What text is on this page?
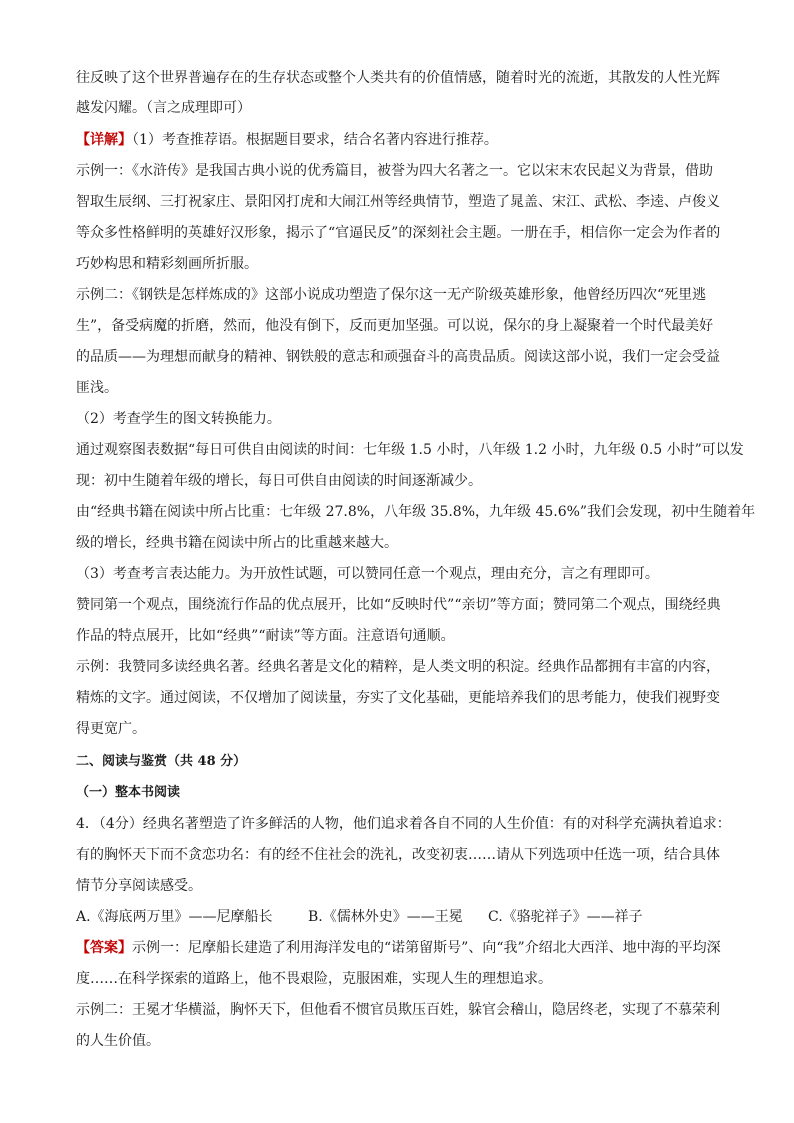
往反映了这个世界普遍存在的生存状态或整个人类共有的价值情感，随着时光的流逝，其散发的人性光辉
越发闪耀。（言之成理即可）
【详解】（1）考查推荐语。根据题目要求，结合名著内容进行推荐。
示例一：《水浒传》是我国古典小说的优秀篇目，被誉为四大名著之一。它以宋末农民起义为背景，借助
智取生辰纲、三打祝家庄、景阳冈打虎和大闹江州等经典情节，塑造了晁盖、宋江、武松、李逵、卢俊义
等众多性格鲜明的英雄好汉形象，揭示了“官逼民反”的深刻社会主题。一册在手，相信你一定会为作者的
巧妙构思和精彩刻画所折服。
示例二：《钢铁是怎样炼成的》这部小说成功塑造了保尔这一无产阶级英雄形象，他曾经历四次“死里逃
生”，备受病魔的折磨，然而，他没有倒下，反而更加坚强。可以说，保尔的身上凝聚着一个时代最美好
的品质——为理想而献身的精神、钢铁般的意志和顽强奋斗的高贵品质。阅读这部小说，我们一定会受益
匪浅。
（2）考查学生的图文转换能力。
通过观察图表数据“每日可供自由阅读的时间：七年级 1.5 小时，八年级 1.2 小时，九年级 0.5 小时”可以发
现：初中生随着年级的增长，每日可供自由阅读的时间逐渐减少。
由“经典书籍在阅读中所占比重：七年级 27.8%，八年级 35.8%，九年级 45.6%”我们会发现，初中生随着年
级的增长，经典书籍在阅读中所占的比重越来越大。
（3）考查考言表达能力。为开放性试题，可以赞同任意一个观点，理由充分，言之有理即可。
赞同第一个观点，围绕流行作品的优点展开，比如“反映时代”“亲切”等方面；赞同第二个观点，围绕经典
作品的特点展开，比如“经典”“耐读”等方面。注意语句通顺。
示例：我赞同多读经典名著。经典名著是文化的精粹，是人类文明的积淀。经典作品都拥有丰富的内容，
精炼的文字。通过阅读，不仅增加了阅读量，夯实了文化基础，更能培养我们的思考能力，使我们视野变
得更宽广。
二、阅读与鉴赏（共 48 分）
（一）整本书阅读
4．（4分）经典名著塑造了许多鲜活的人物，他们追求着各自不同的人生价值：有的对科学充满执着追求：
有的胸怀天下而不贪恋功名：有的经不住社会的洗礼，改变初衷……请从下列选项中任选一项，结合具体
情节分享阅读感受。
A.《海底两万里》——尼摩船长	B.《儒林外史》——王冕 C.《骆驼祥子》——祥子
【答案】示例一：尼摩船长建造了利用海洋发电的“诺第留斯号”、向“我”介绍北大西洋、地中海的平均深
度……在科学探索的道路上，他不畏艰险，克服困难，实现人生的理想追求。
示例二：王冕才华横溢，胸怀天下，但他看不惯官员欺压百姓，躲官会稽山，隐居终老，实现了不慕荣利
的人生价值。
